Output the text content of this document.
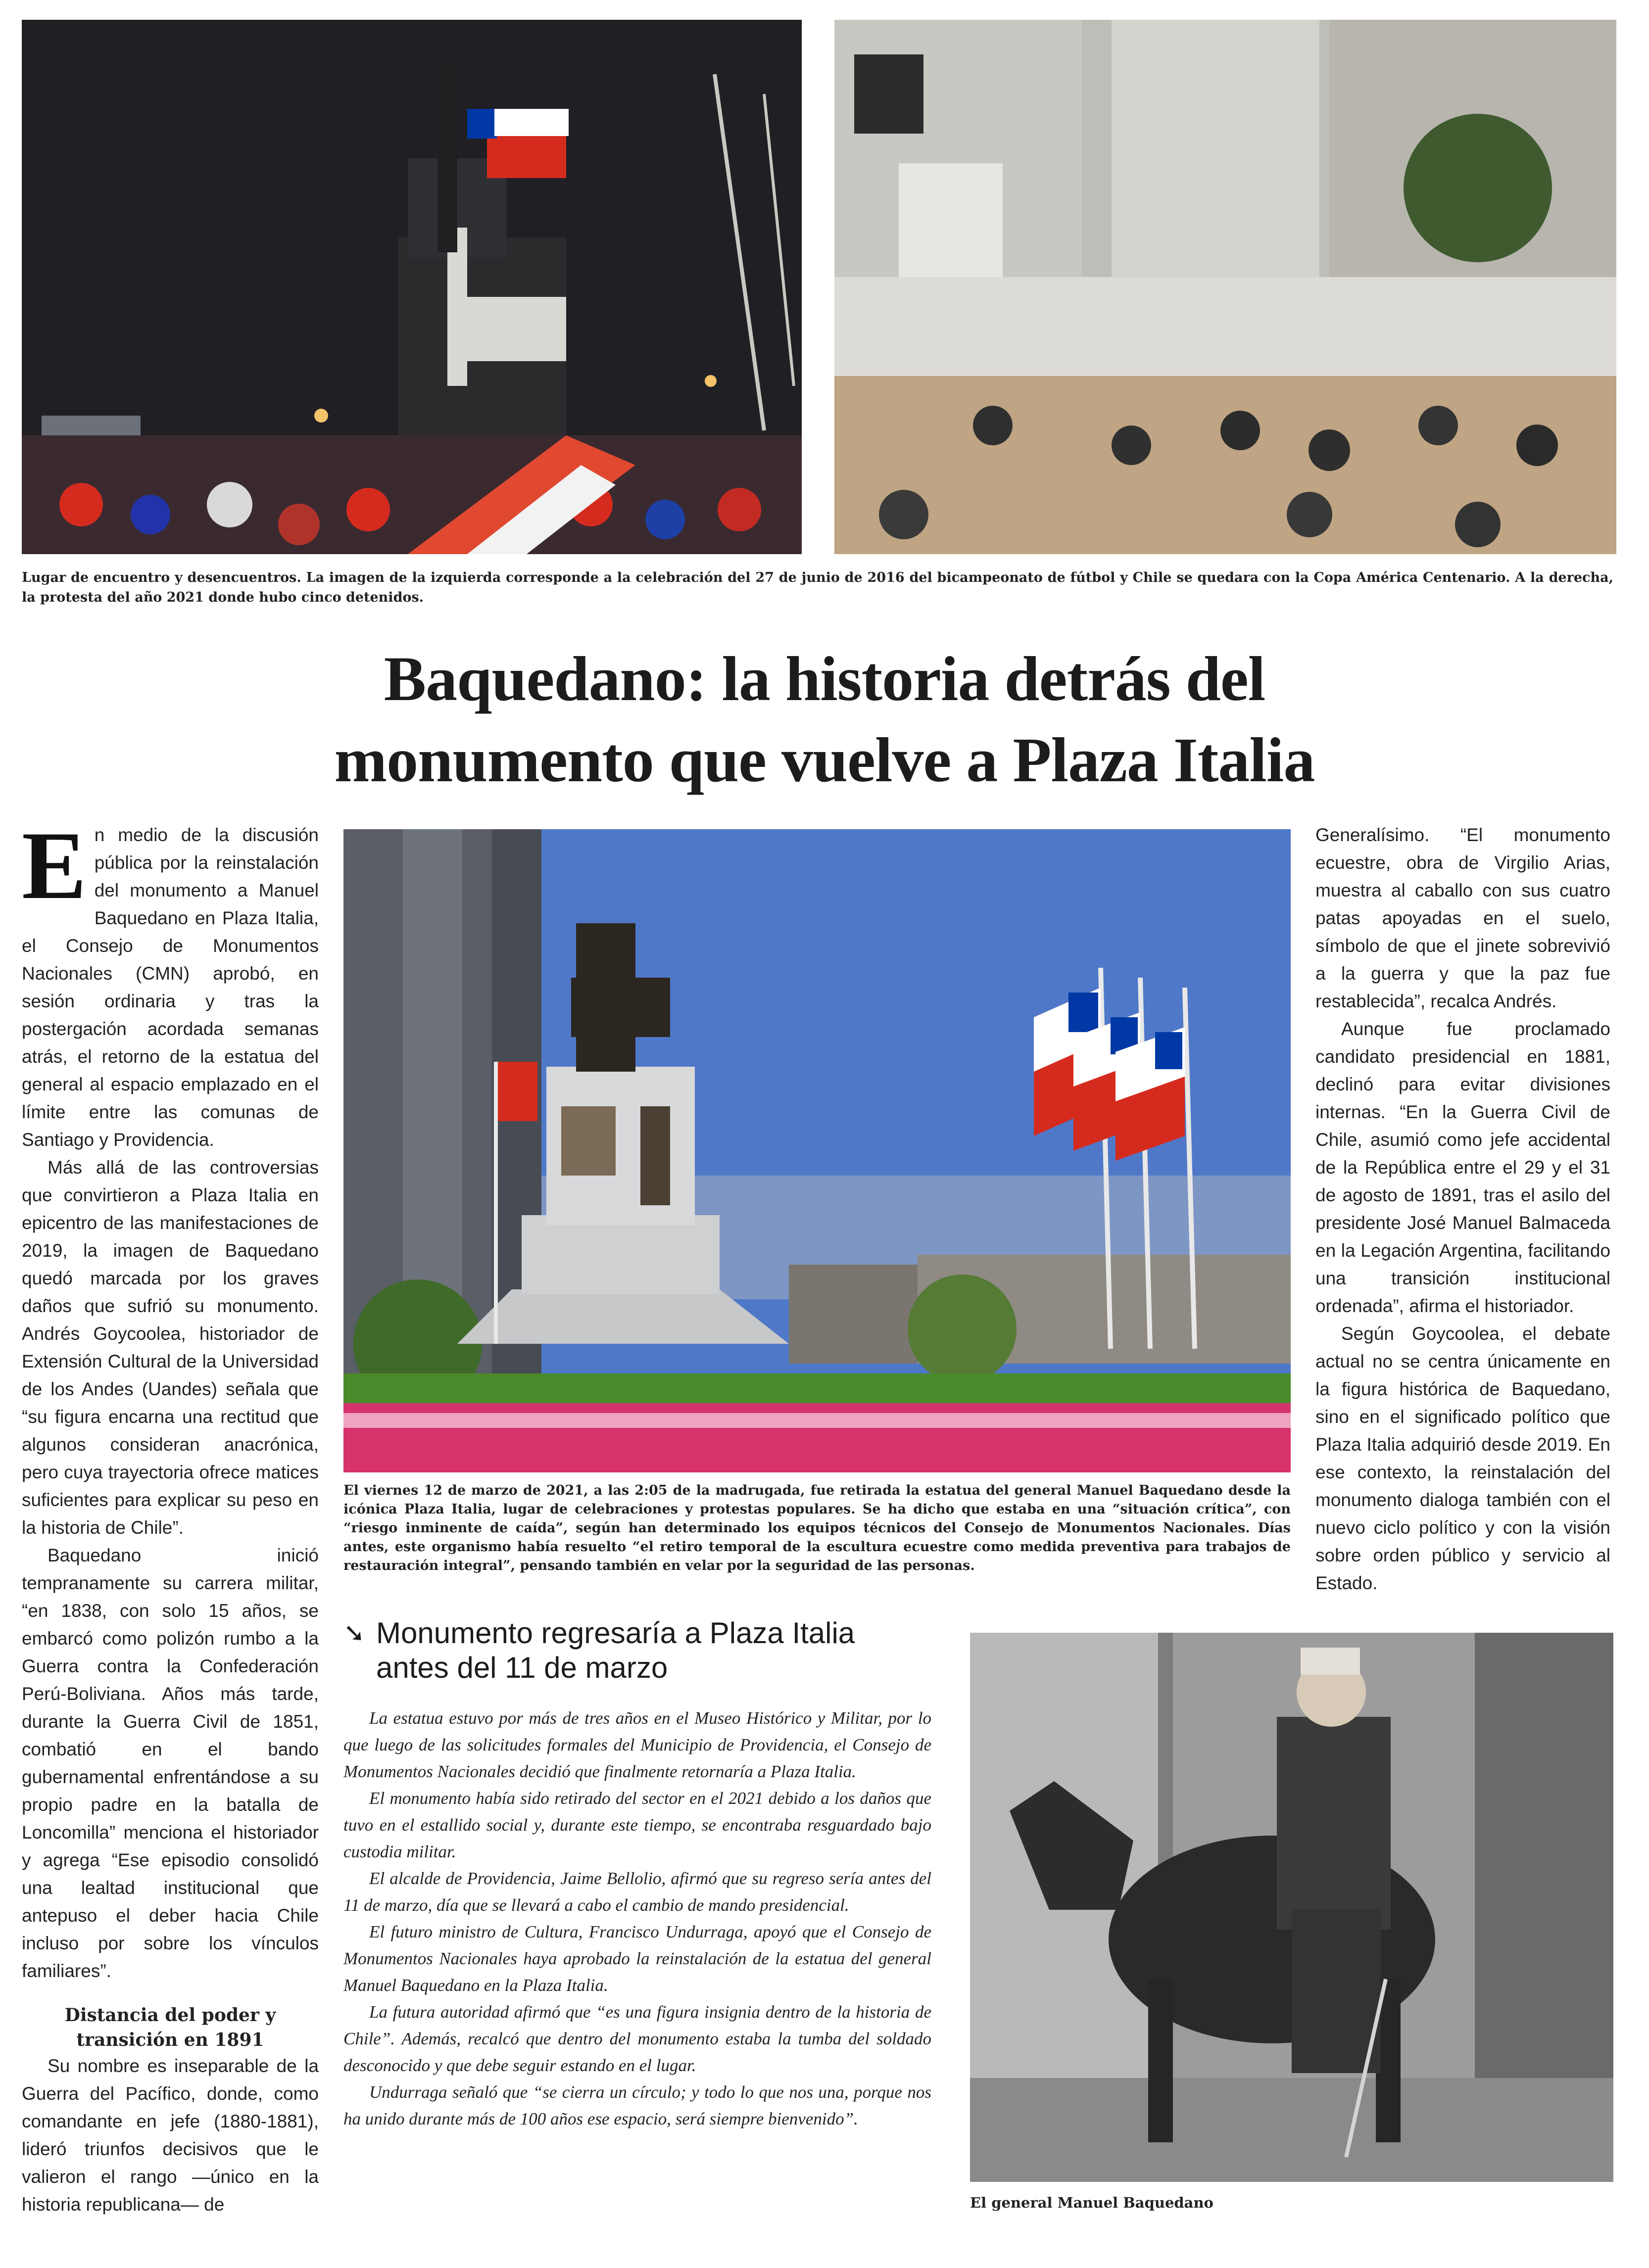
Lugar de encuentro y desencuentros. La imagen de la izquierda corresponde a la celebración del 27 de junio de 2016 del bicampeonato de fútbol y Chile se quedara con la Copa América Centenario. A la derecha, la protesta del año 2021 donde hubo cinco detenidos.
Baquedano: la historia detrás del
monumento que vuelve a Plaza Italia

En medio de la discusión pública por la reinstalación del monumento a Manuel Baquedano en Plaza Italia, el Consejo de Monumentos Nacionales (CMN) aprobó, en sesión ordinaria y tras la postergación acordada semanas atrás, el retorno de la estatua del general al espacio emplazado en el límite entre las comunas de Santiago y Providencia.

Más allá de las controversias que convirtieron a Plaza Italia en epicentro de las manifestaciones de 2019, la imagen de Baquedano quedó marcada por los graves daños que sufrió su monumento. Andrés Goycoolea, historiador de Extensión Cultural de la Universidad de los Andes (Uandes) señala que “su figura encarna una rectitud que algunos consideran anacrónica, pero cuya trayectoria ofrece matices suficientes para explicar su peso en la historia de Chile”.

Baquedano inició tempranamente su carrera militar, “en 1838, con solo 15 años, se embarcó como polizón rumbo a la Guerra contra la Confederación Perú-Boliviana. Años más tarde, durante la Guerra Civil de 1851, combatió en el bando gubernamental enfrentándose a su propio padre en la batalla de Loncomilla” menciona el historiador y agrega “Ese episodio consolidó una lealtad institucional que antepuso el deber hacia Chile incluso por sobre los vínculos familiares”.

Distancia del poder y
transición en 1891

Su nombre es inseparable de la Guerra del Pacífico, donde, como comandante en jefe (1880-1881), lideró triunfos decisivos que le valieron el rango —único en la historia republicana— de

El viernes 12 de marzo de 2021, a las 2:05 de la madrugada, fue retirada la estatua del general Manuel Baquedano desde la icónica Plaza Italia, lugar de celebraciones y protestas populares. Se ha dicho que estaba en una “situación crítica”, con “riesgo inminente de caída”, según han determinado los equipos técnicos del Consejo de Monumentos Nacionales. Días antes, este organismo había resuelto “el retiro temporal de la escultura ecuestre como medida preventiva para trabajos de restauración integral”, pensando también en velar por la seguridad de las personas.

Generalísimo. “El monumento ecuestre, obra de Virgilio Arias, muestra al caballo con sus cuatro patas apoyadas en el suelo, símbolo de que el jinete sobrevivió a la guerra y que la paz fue restablecida”, recalca Andrés.

Aunque fue proclamado candidato presidencial en 1881, declinó para evitar divisiones internas. “En la Guerra Civil de Chile, asumió como jefe accidental de la República entre el 29 y el 31 de agosto de 1891, tras el asilo del presidente José Manuel Balmaceda en la Legación Argentina, facilitando una transición institucional ordenada”, afirma el historiador.

Según Goycoolea, el debate actual no se centra únicamente en la figura histórica de Baquedano, sino en el significado político que Plaza Italia adquirió desde 2019. En ese contexto, la reinstalación del monumento dialoga también con el nuevo ciclo político y con la visión sobre orden público y servicio al Estado.

➘ Monumento regresaría a Plaza Italia
antes del 11 de marzo

La estatua estuvo por más de tres años en el Museo Histórico y Militar, por lo que luego de las solicitudes formales del Municipio de Providencia, el Consejo de Monumentos Nacionales decidió que finalmente retornaría a Plaza Italia.

El monumento había sido retirado del sector en el 2021 debido a los daños que tuvo en el estallido social y, durante este tiempo, se encontraba resguardado bajo custodia militar.

El alcalde de Providencia, Jaime Bellolio, afirmó que su regreso sería antes del 11 de marzo, día que se llevará a cabo el cambio de mando presidencial.

El futuro ministro de Cultura, Francisco Undurraga, apoyó que el Consejo de Monumentos Nacionales haya aprobado la reinstalación de la estatua del general Manuel Baquedano en la Plaza Italia.

La futura autoridad afirmó que “es una figura insignia dentro de la historia de Chile”. Además, recalcó que dentro del monumento estaba la tumba del soldado desconocido y que debe seguir estando en el lugar.

Undurraga señaló que “se cierra un círculo; y todo lo que nos una, porque nos ha unido durante más de 100 años ese espacio, será siempre bienvenido”.

El general Manuel Baquedano
